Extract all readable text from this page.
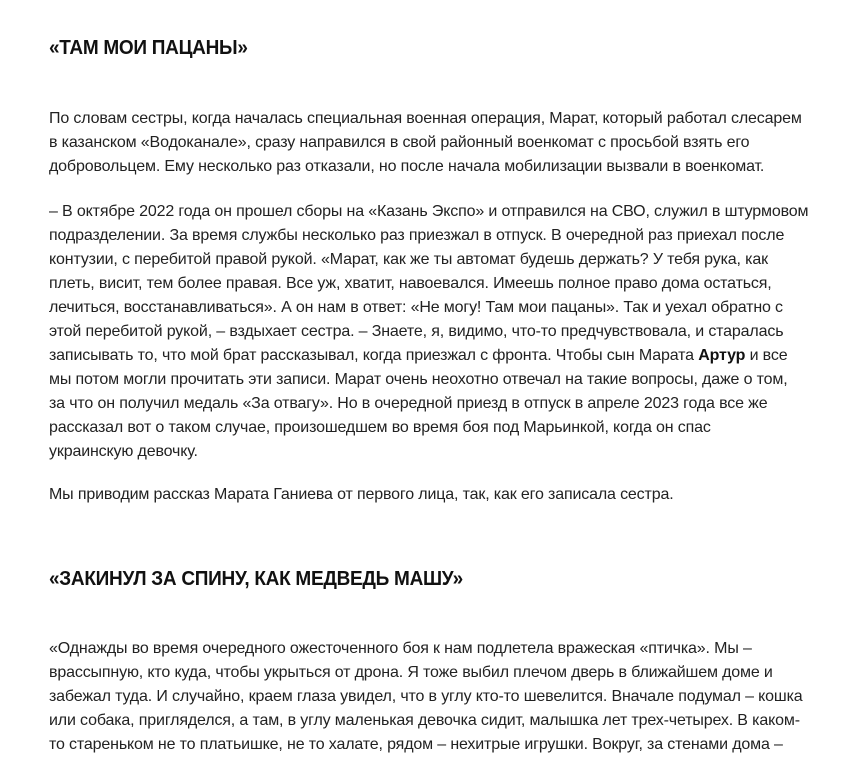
«ТАМ МОИ ПАЦАНЫ»

По словам сестры, когда началась специальная военная операция, Марат, который работал слесарем
в казанском «Водоканале», сразу направился в свой районный военкомат с просьбой взять его
добровольцем. Ему несколько раз отказали, но после начала мобилизации вызвали в военкомат.

– В октябре 2022 года он прошел сборы на «Казань Экспо» и отправился на СВО, служил в штурмовом
подразделении. За время службы несколько раз приезжал в отпуск. В очередной раз приехал после
контузии, с перебитой правой рукой. «Марат, как же ты автомат будешь держать? У тебя рука, как
плеть, висит, тем более правая. Все уж, хватит, навоевался. Имеешь полное право дома остаться,
лечиться, восстанавливаться». А он нам в ответ: «Не могу! Там мои пацаны». Так и уехал обратно с
этой перебитой рукой, – вздыхает сестра. – Знаете, я, видимо, что-то предчувствовала, и старалась
записывать то, что мой брат рассказывал, когда приезжал с фронта. Чтобы сын Марата Артур и все
мы потом могли прочитать эти записи. Марат очень неохотно отвечал на такие вопросы, даже о том,
за что он получил медаль «За отвагу». Но в очередной приезд в отпуск в апреле 2023 года все же
рассказал вот о таком случае, произошедшем во время боя под Марьинкой, когда он спас
украинскую девочку.

Мы приводим рассказ Марата Ганиева от первого лица, так, как его записала сестра.

«ЗАКИНУЛ ЗА СПИНУ, КАК МЕДВЕДЬ МАШУ»

«Однажды во время очередного ожесточенного боя к нам подлетела вражеская «птичка». Мы –
врассыпную, кто куда, чтобы укрыться от дрона. Я тоже выбил плечом дверь в ближайшем доме и
забежал туда. И случайно, краем глаза увидел, что в углу кто-то шевелится. Вначале подумал – кошка
или собака, пригляделся, а там, в углу маленькая девочка сидит, малышка лет трех-четырех. В каком-
то стареньком не то платьишке, не то халате, рядом – нехитрые игрушки. Вокруг, за стенами дома –
